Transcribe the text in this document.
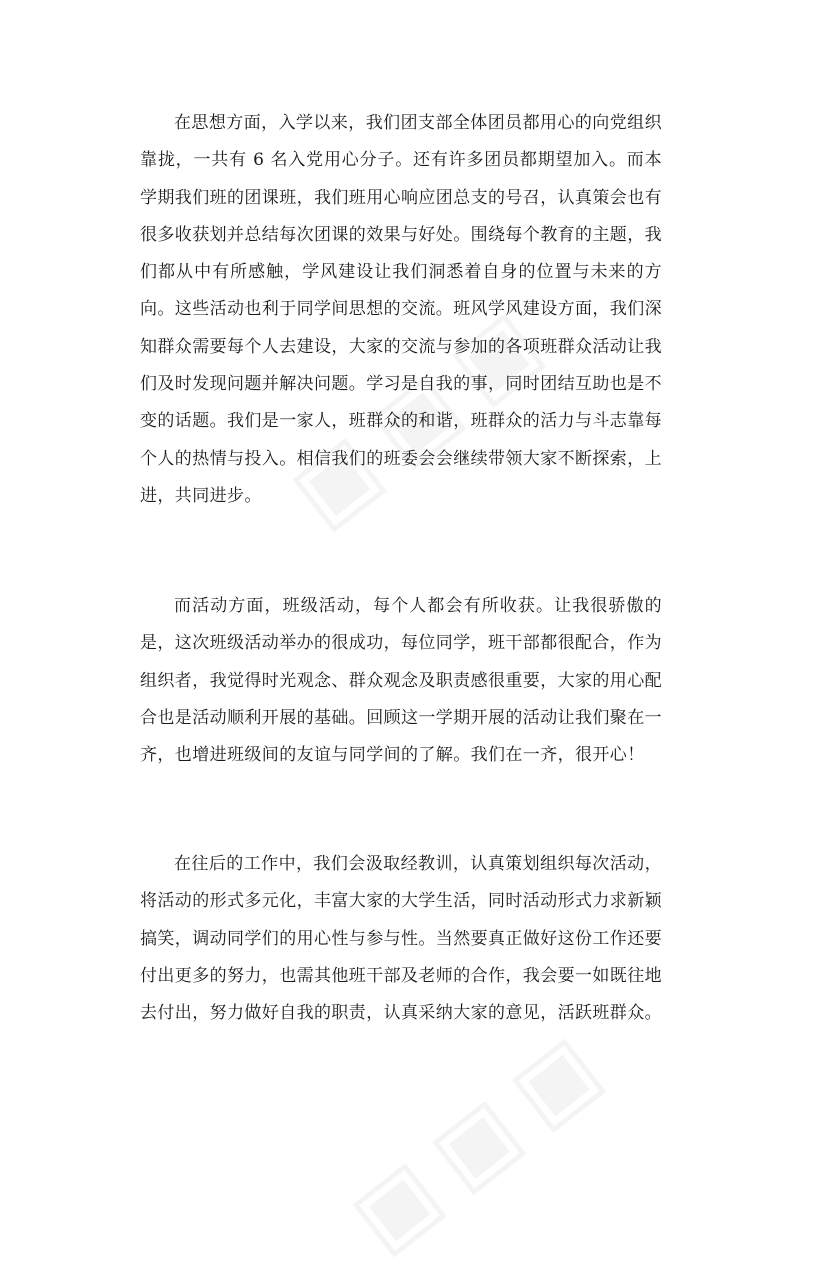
在思想方面，入学以来，我们团支部全体团员都用心的向党组织靠拢，一共有 6 名入党用心分子。还有许多团员都期望加入。而本学期我们班的团课班，我们班用心响应团总支的号召，认真策会也有很多收获划并总结每次团课的效果与好处。围绕每个教育的主题，我们都从中有所感触，学风建设让我们洞悉着自身的位置与未来的方向。这些活动也利于同学间思想的交流。班风学风建设方面，我们深知群众需要每个人去建设，大家的交流与参加的各项班群众活动让我们及时发现问题并解决问题。学习是自我的事，同时团结互助也是不变的话题。我们是一家人，班群众的和谐，班群众的活力与斗志靠每个人的热情与投入。相信我们的班委会会继续带领大家不断探索，上进，共同进步。

而活动方面，班级活动，每个人都会有所收获。让我很骄傲的是，这次班级活动举办的很成功，每位同学，班干部都很配合，作为组织者，我觉得时光观念、群众观念及职责感很重要，大家的用心配合也是活动顺利开展的基础。回顾这一学期开展的活动让我们聚在一齐，也增进班级间的友谊与同学间的了解。我们在一齐，很开心！

在往后的工作中，我们会汲取经教训，认真策划组织每次活动，将活动的形式多元化，丰富大家的大学生活，同时活动形式力求新颖搞笑，调动同学们的用心性与参与性。当然要真正做好这份工作还要付出更多的努力，也需其他班干部及老师的合作，我会要一如既往地去付出，努力做好自我的职责，认真采纳大家的意见，活跃班群众。
